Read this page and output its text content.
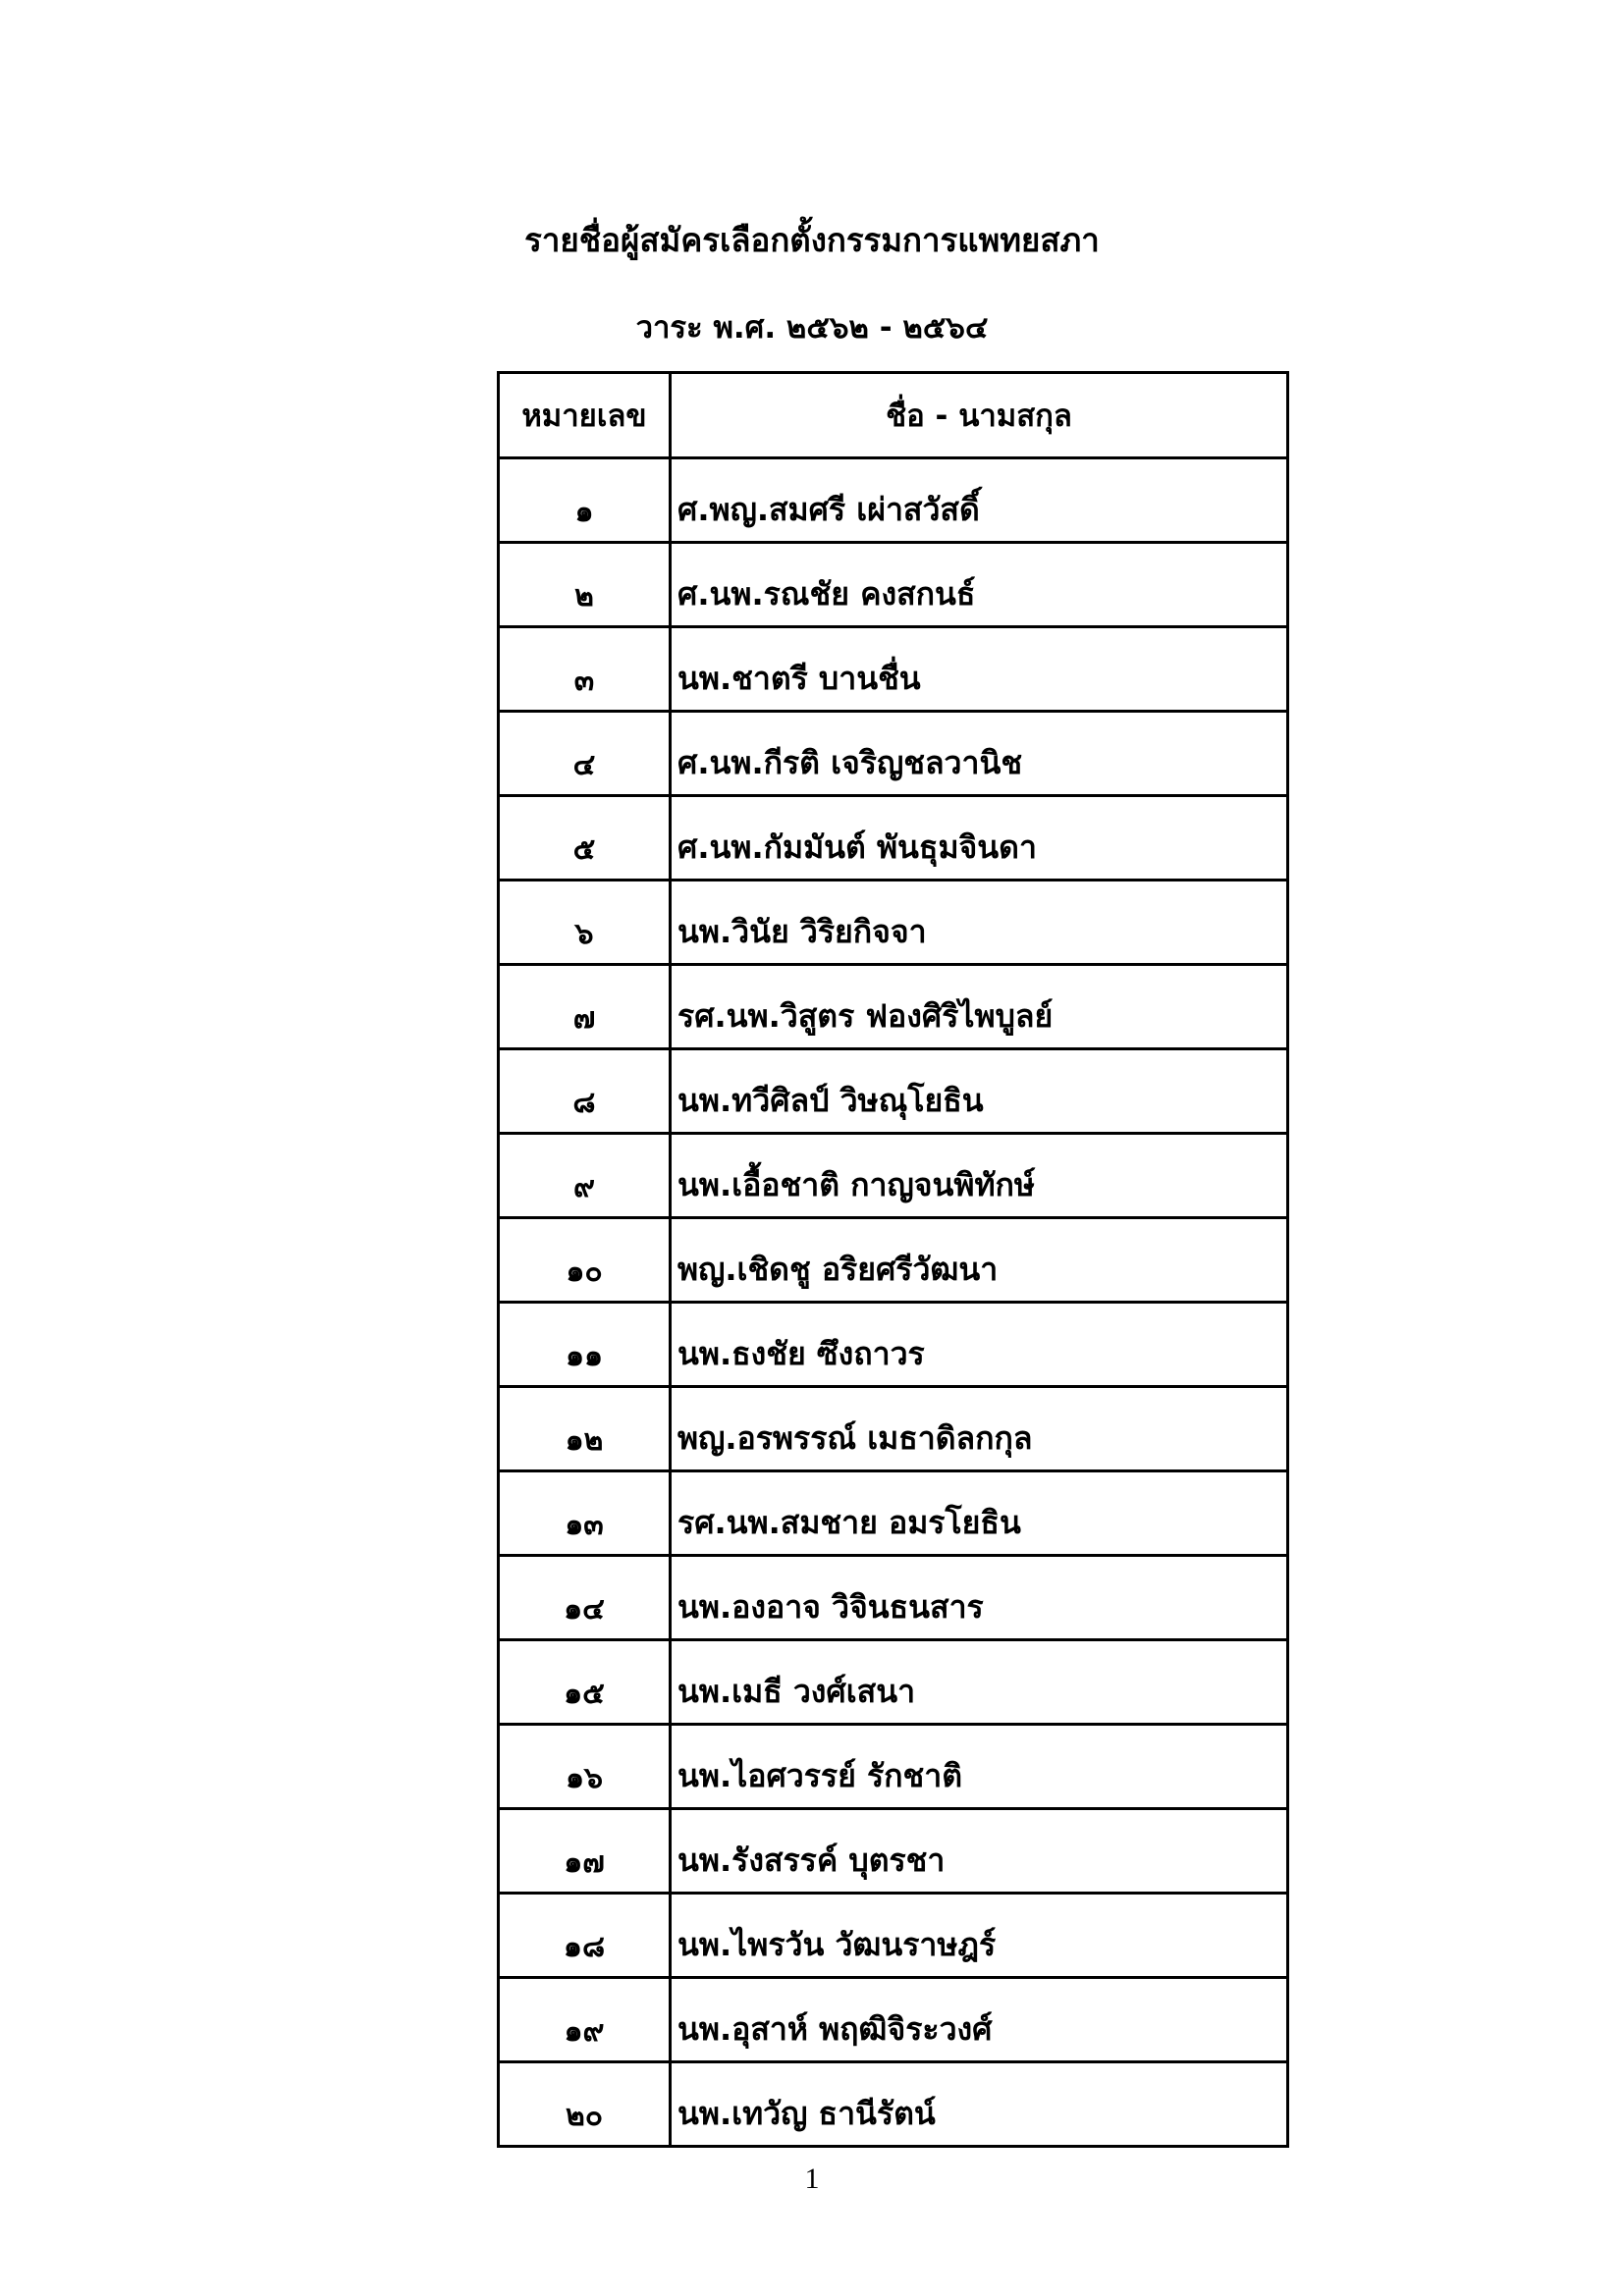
รายชื่อผู้สมัครเลือกตั้งกรรมการแพทยสภา
วาระ พ.ศ. ๒๕๖๒ - ๒๕๖๔
หมายเลข	ชื่อ - นามสกุล
๑	ศ.พญ.สมศรี เผ่าสวัสดิ์
๒	ศ.นพ.รณชัย คงสกนธ์
๓	นพ.ชาตรี บานชื่น
๔	ศ.นพ.กีรติ เจริญชลวานิช
๕	ศ.นพ.กัมมันต์ พันธุมจินดา
๖	นพ.วินัย วิริยกิจจา
๗	รศ.นพ.วิสูตร ฟองศิริไพบูลย์
๘	นพ.ทวีศิลป์ วิษณุโยธิน
๙	นพ.เอื้อชาติ กาญจนพิทักษ์
๑๐	พญ.เชิดชู อริยศรีวัฒนา
๑๑	นพ.ธงชัย ซึงถาวร
๑๒	พญ.อรพรรณ์ เมธาดิลกกุล
๑๓	รศ.นพ.สมชาย อมรโยธิน
๑๔	นพ.องอาจ วิจินธนสาร
๑๕	นพ.เมธี วงศ์เสนา
๑๖	นพ.ไอศวรรย์ รักชาติ
๑๗	นพ.รังสรรค์ บุตรชา
๑๘	นพ.ไพรวัน วัฒนราษฎร์
๑๙	นพ.อุสาห์ พฤฒิจิระวงศ์
๒๐	นพ.เทวัญ ธานีรัตน์
1
